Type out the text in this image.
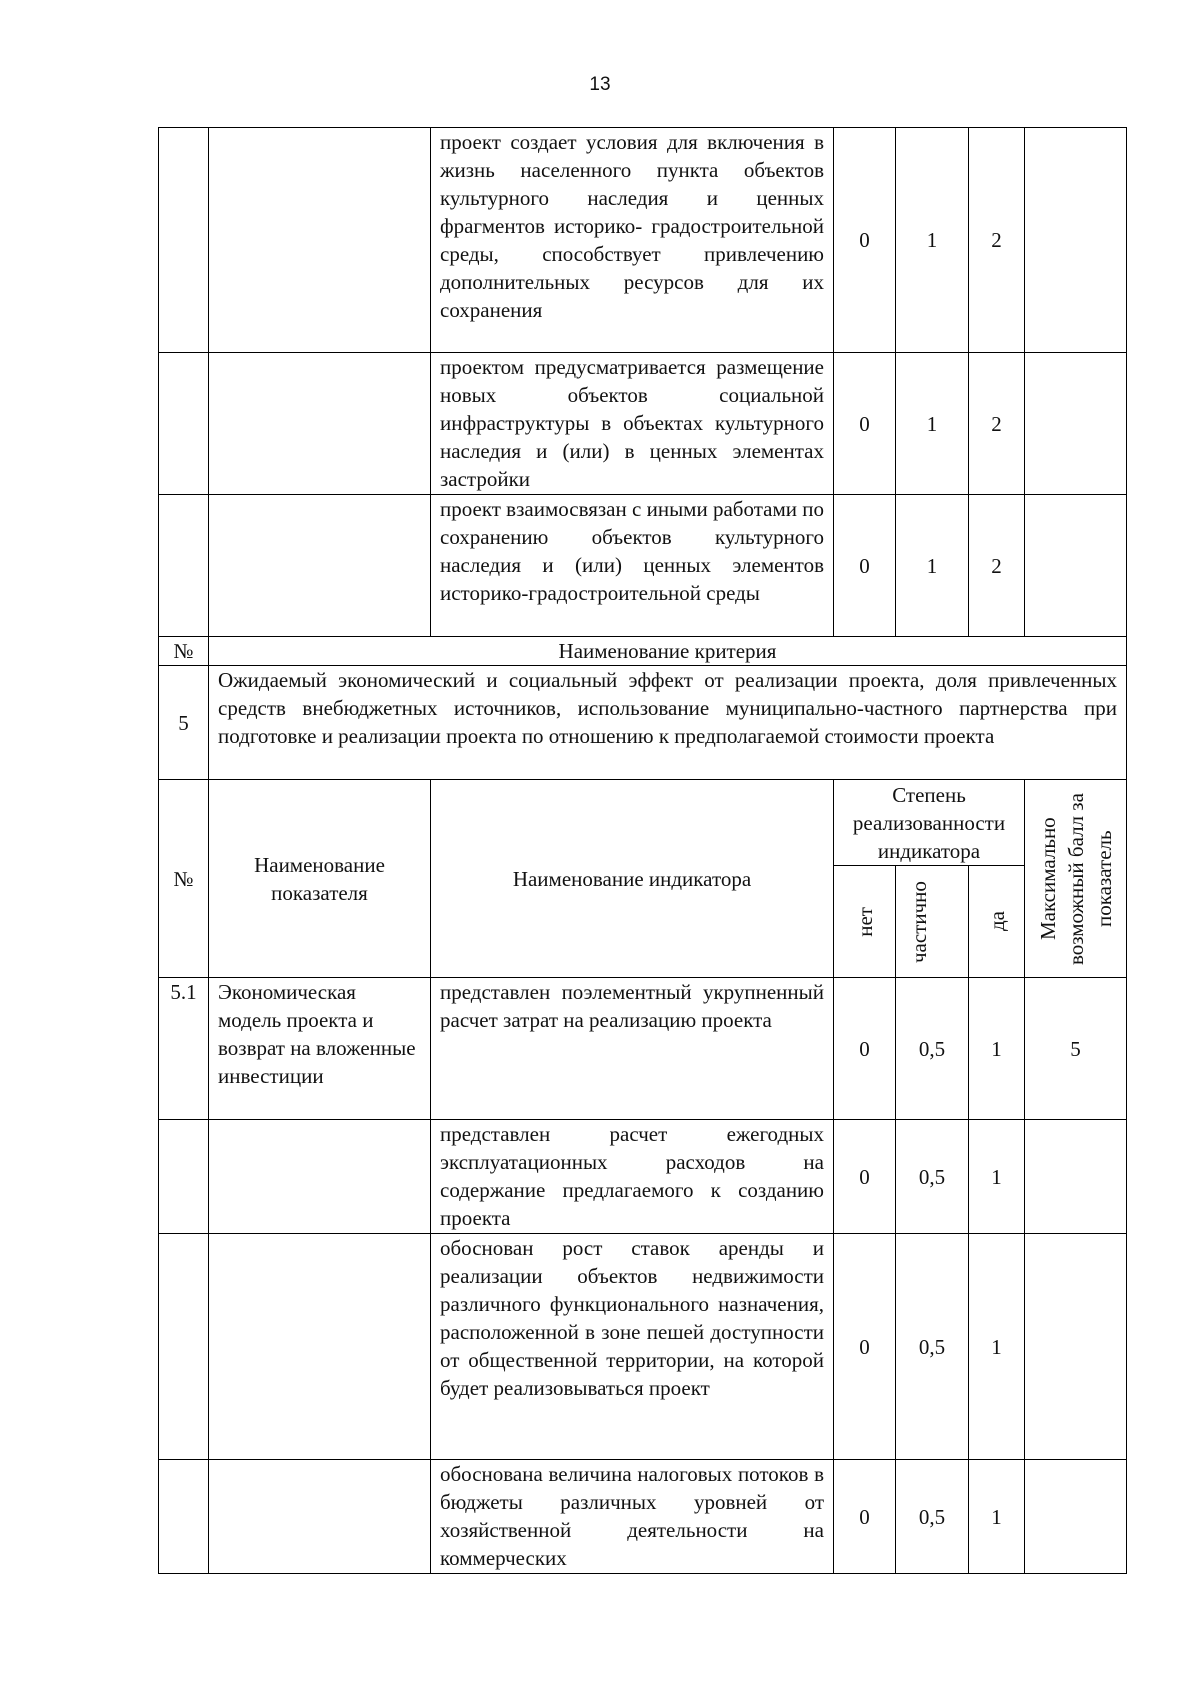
13
		проект создает условия для включения в жизнь населенного пункта объектов культурного наследия и ценных фрагментов историко- градостроительной среды, способствует привлечению дополнительных ресурсов для их сохранения	0	1	2	
		проектом предусматривается размещение новых объектов социальной инфраструктуры в объектах культурного наследия и (или) в ценных элементах застройки	0	1	2	
		проект взаимосвязан с иными работами по сохранению объектов культурного наследия и (или) ценных элементов историко-градостроительной среды	0	1	2	
№	Наименование критерия					
5	Ожидаемый экономический и социальный эффект от реализации проекта, доля привлеченных средств внебюджетных источников, использование муниципально-частного партнерства при подготовке и реализации проекта по отношению к предполагаемой стоимости проекта					
№	Наименование показателя	Наименование индикатора	Степень реализованности индикатора			Максимально возможный балл за показатель

			нет	частично	да	

5.1	Экономическая модель проекта и возврат на вложенные инвестиции	представлен поэлементный укрупненный расчет затрат на реализацию проекта	0	0,5	1	5
		представлен расчет ежегодных эксплуатационных расходов на содержание предлагаемого к созданию проекта	0	0,5	1	
		обоснован рост ставок аренды и реализации объектов недвижимости различного функционального назначения, расположенной в зоне пешей доступности от общественной территории, на которой будет реализовываться проект	0	0,5	1	
		обоснована величина налоговых потоков в бюджеты различных уровней от хозяйственной деятельности на коммерческих	0	0,5	1	
